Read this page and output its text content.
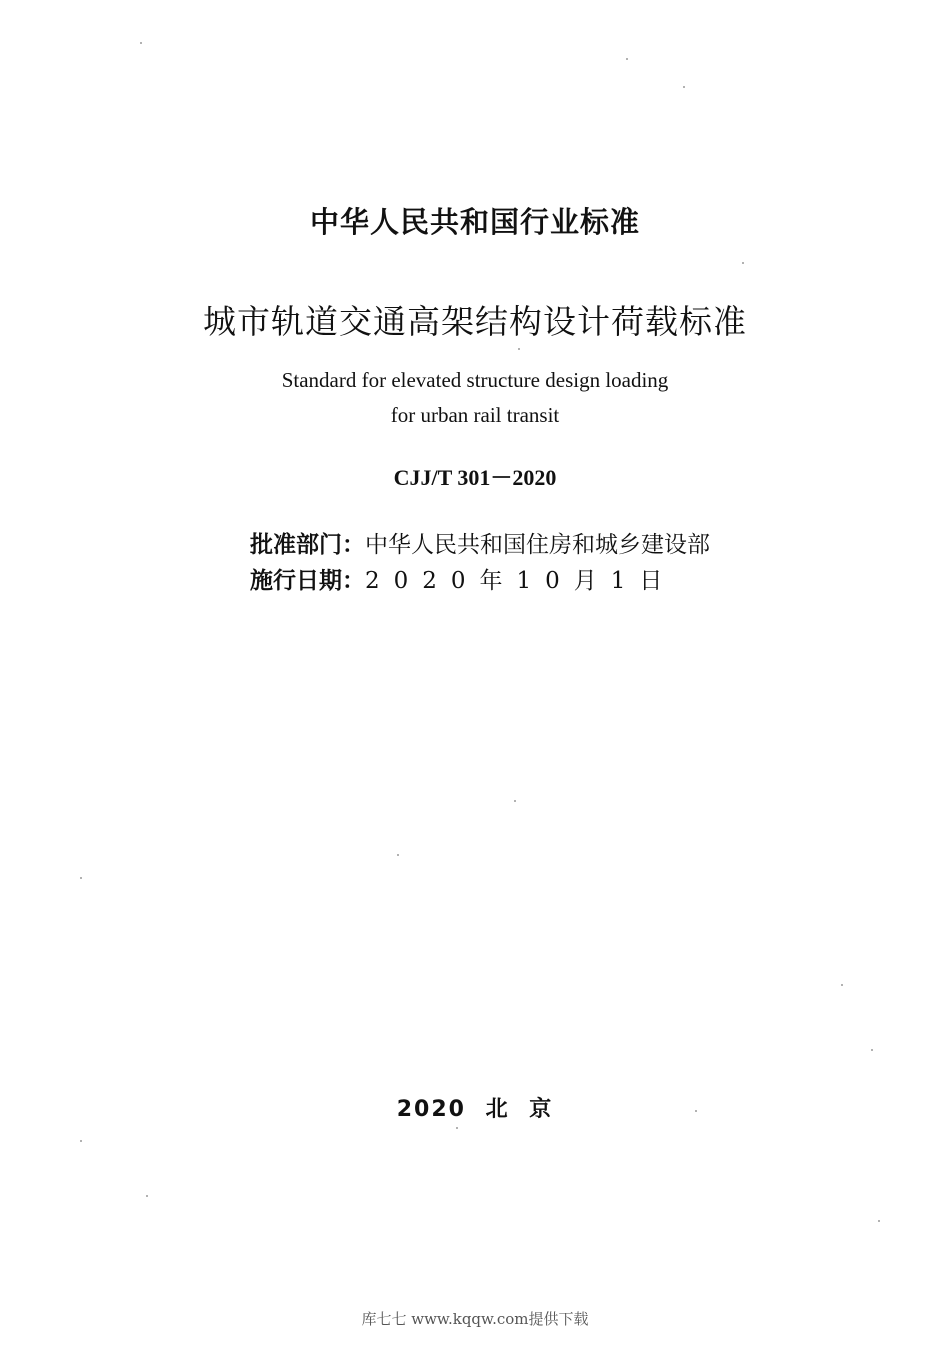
中华人民共和国行业标准
城市轨道交通高架结构设计荷载标准
Standard for elevated structure design loading
for urban rail transit
CJJ/T 301－2020
批准部门：中华人民共和国住房和城乡建设部
施行日期：2020年10月1日
2020 北 京
库七七 www.kqqw.com提供下载
